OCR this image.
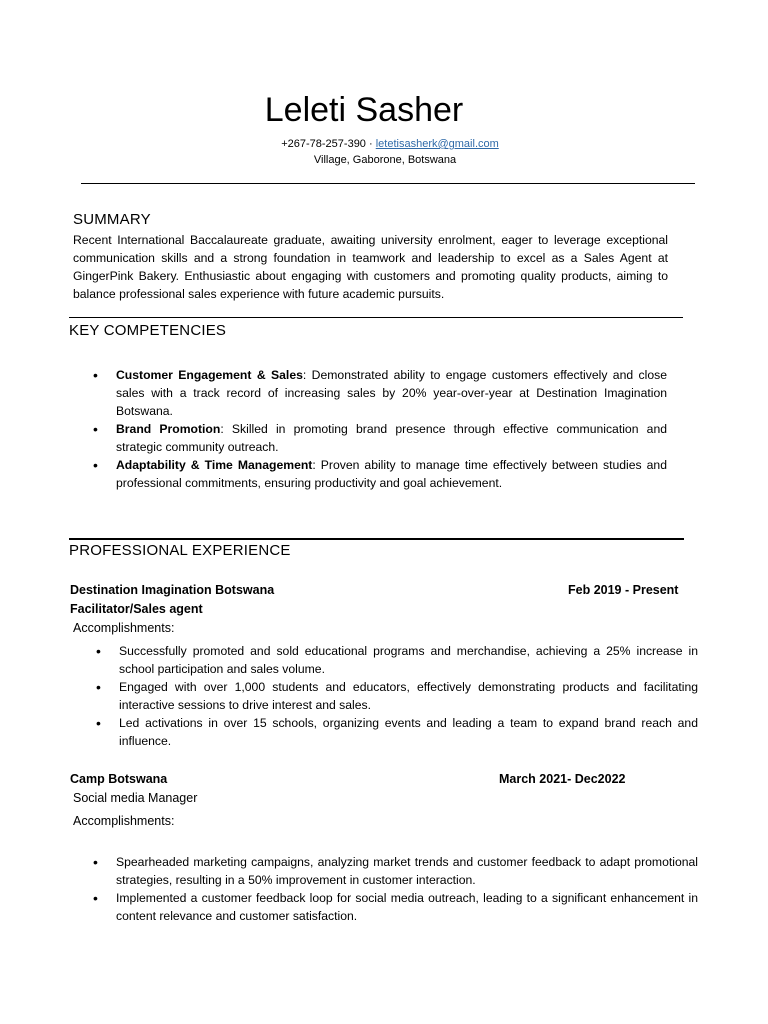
Leleti Sasher
+267-78-257-390 · letetisasherk@gmail.com
Village, Gaborone, Botswana
SUMMARY
Recent International Baccalaureate graduate, awaiting university enrolment, eager to leverage exceptional communication skills and a strong foundation in teamwork and leadership to excel as a Sales Agent at GingerPink Bakery. Enthusiastic about engaging with customers and promoting quality products, aiming to balance professional sales experience with future academic pursuits.
KEY COMPETENCIES
• Customer Engagement & Sales: Demonstrated ability to engage customers effectively and close sales with a track record of increasing sales by 20% year-over-year at Destination Imagination Botswana.
• Brand Promotion: Skilled in promoting brand presence through effective communication and strategic community outreach.
• Adaptability & Time Management: Proven ability to manage time effectively between studies and professional commitments, ensuring productivity and goal achievement.
PROFESSIONAL EXPERIENCE
Destination Imagination Botswana	Feb 2019 - Present
Facilitator/Sales agent
Accomplishments:
• Successfully promoted and sold educational programs and merchandise, achieving a 25% increase in school participation and sales volume.
• Engaged with over 1,000 students and educators, effectively demonstrating products and facilitating interactive sessions to drive interest and sales.
• Led activations in over 15 schools, organizing events and leading a team to expand brand reach and influence.
Camp Botswana	March 2021- Dec2022
Social media Manager
Accomplishments:
• Spearheaded marketing campaigns, analyzing market trends and customer feedback to adapt promotional strategies, resulting in a 50% improvement in customer interaction.
• Implemented a customer feedback loop for social media outreach, leading to a significant enhancement in content relevance and customer satisfaction.
